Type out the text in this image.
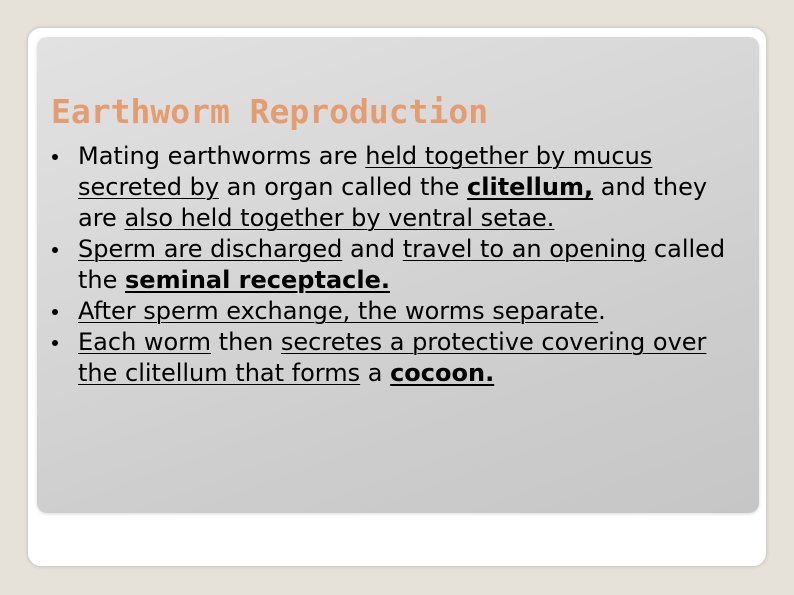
Earthworm Reproduction
Mating earthworms are held together by mucus secreted by an organ called the clitellum, and they are also held together by ventral setae.
Sperm are discharged and travel to an opening called the seminal receptacle.
After sperm exchange, the worms separate.
Each worm then secretes a protective covering over the clitellum that forms a cocoon.
